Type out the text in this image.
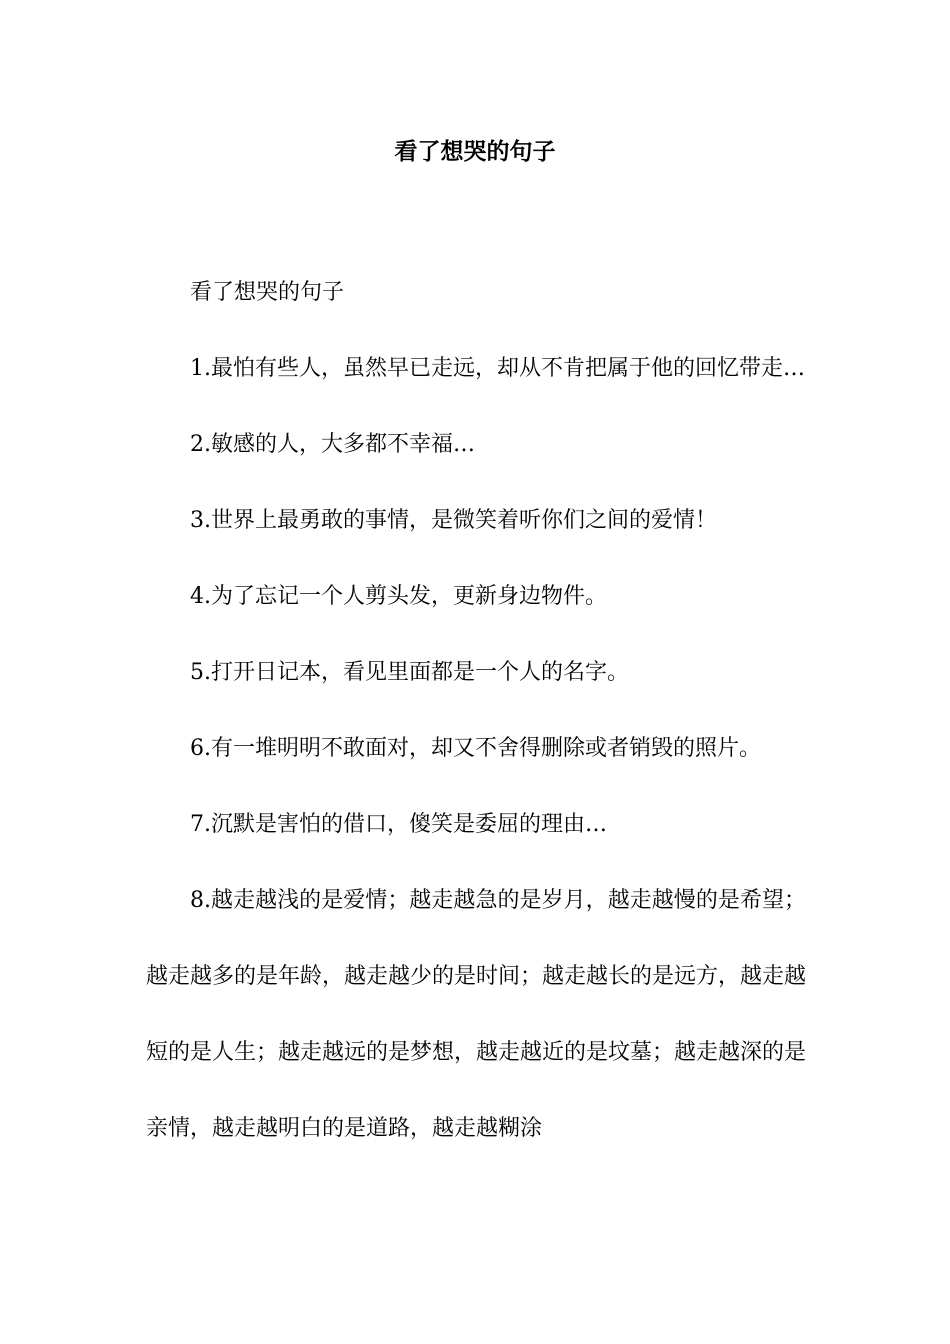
看了想哭的句子

看了想哭的句子

1.最怕有些人，虽然早已走远，却从不肯把属于他的回忆带走…

2.敏感的人，大多都不幸福…

3.世界上最勇敢的事情，是微笑着听你们之间的爱情！

4.为了忘记一个人剪头发，更新身边物件。

5.打开日记本，看见里面都是一个人的名字。

6.有一堆明明不敢面对，却又不舍得删除或者销毁的照片。

7.沉默是害怕的借口，傻笑是委屈的理由…

8.越走越浅的是爱情；越走越急的是岁月，越走越慢的是希望；越走越多的是年龄，越走越少的是时间；越走越长的是远方，越走越短的是人生；越走越远的是梦想，越走越近的是坟墓；越走越深的是亲情，越走越明白的是道路，越走越糊涂
